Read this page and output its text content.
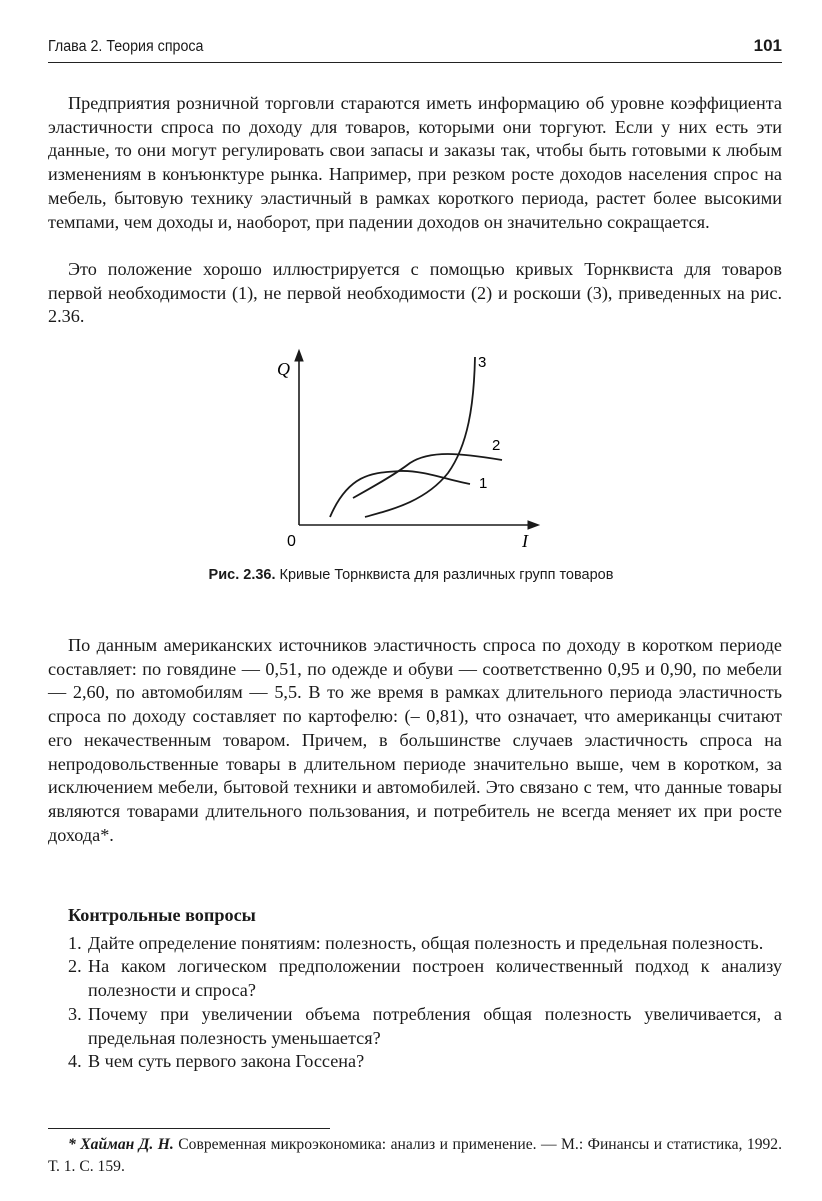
Глава 2. Теория спроса	101

Предприятия розничной торговли стараются иметь информацию об уровне коэффициента эластичности спроса по доходу для товаров, которыми они торгуют. Если у них есть эти данные, то они могут регулировать свои запасы и заказы так, чтобы быть готовыми к любым изменениям в конъюнктуре рынка. Например, при резком росте доходов населения спрос на мебель, бытовую технику эластичный в рамках короткого периода, растет более высокими темпами, чем доходы и, наоборот, при падении доходов он значительно сокращается.

Это положение хорошо иллюстрируется с помощью кривых Торнквиста для товаров первой необходимости (1), не первой необходимости (2) и роскоши (3), приведенных на рис. 2.36.

Q
I
0
1
2
3
Рис. 2.36. Кривые Торнквиста для различных групп товаров

По данным американских источников эластичность спроса по доходу в коротком периоде составляет: по говядине — 0,51, по одежде и обуви — соответственно 0,95 и 0,90, по мебели — 2,60, по автомобилям — 5,5. В то же время в рамках длительного периода эластичность спроса по доходу составляет по картофелю: (– 0,81), что означает, что американцы считают его некачественным товаром. Причем, в большинстве случаев эластичность спроса на непродовольственные товары в длительном периоде значительно выше, чем в коротком, за исключением мебели, бытовой техники и автомобилей. Это связано с тем, что данные товары являются товарами длительного пользования, и потребитель не всегда меняет их при росте дохода*.

Контрольные вопросы
1. Дайте определение понятиям: полезность, общая полезность и предельная полезность.
2. На каком логическом предположении построен количественный подход к анализу полезности и спроса?
3. Почему при увеличении объема потребления общая полезность увеличивается, а предельная полезность уменьшается?
4. В чем суть первого закона Госсена?

* Хайман Д. Н. Современная микроэкономика: анализ и применение. — М.: Финансы и статистика, 1992. Т. 1. С. 159.
